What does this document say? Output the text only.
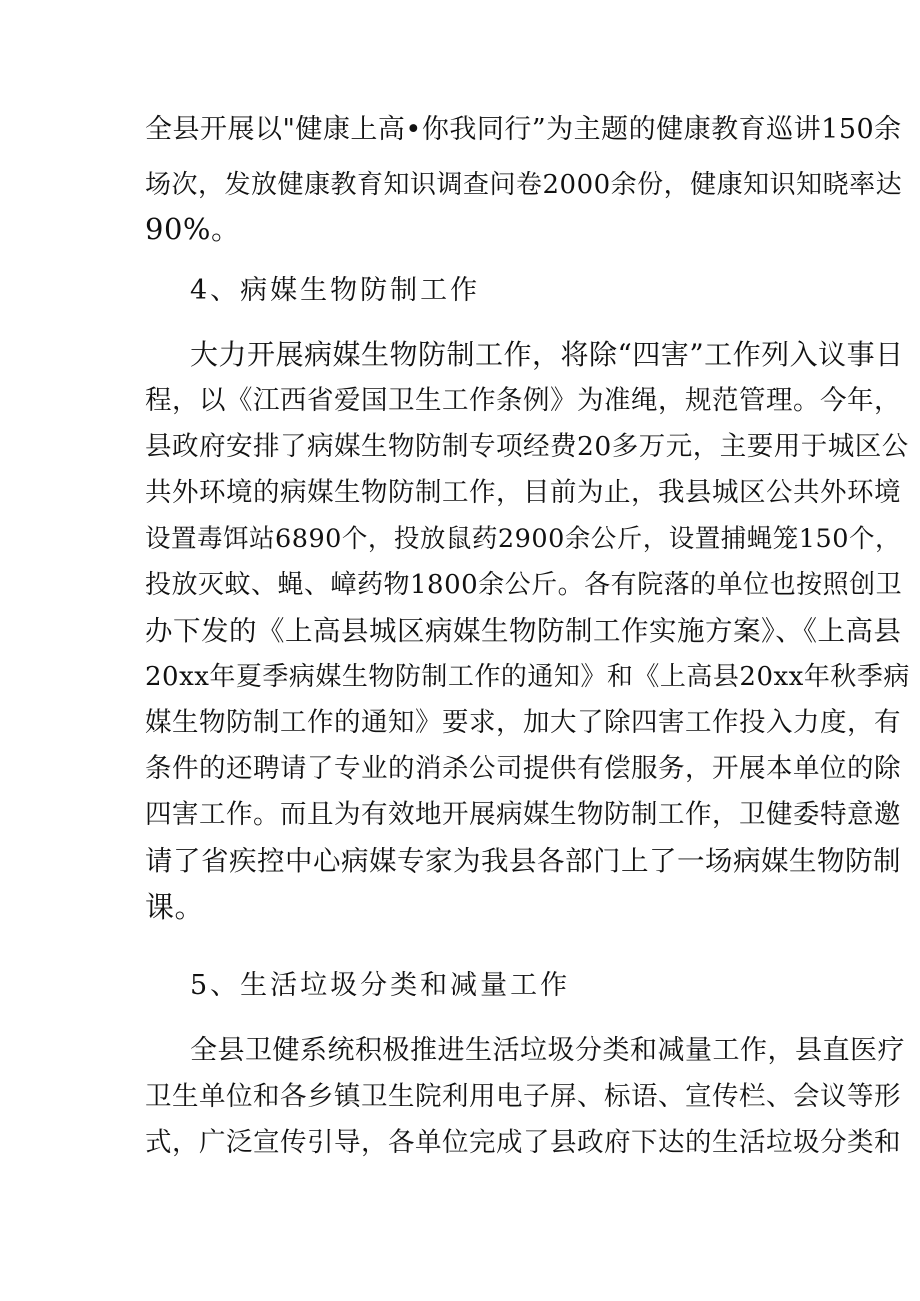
全县开展以"健康上高•你我同行”为主题的健康教育巡讲150余
场次，发放健康教育知识调查问卷2000余份，健康知识知晓率达
90%。
4、病媒生物防制工作
大力开展病媒生物防制工作，将除“四害”工作列入议事日
程，以《江西省爱国卫生工作条例》为准绳，规范管理。今年，
县政府安排了病媒生物防制专项经费20多万元，主要用于城区公
共外环境的病媒生物防制工作，目前为止，我县城区公共外环境
设置毒饵站6890个，投放鼠药2900余公斤，设置捕蝇笼150个，
投放灭蚊、蝇、嶂药物1800余公斤。各有院落的单位也按照创卫
办下发的《上高县城区病媒生物防制工作实施方案》、《上高县
20xx年夏季病媒生物防制工作的通知》和《上高县20xx年秋季病
媒生物防制工作的通知》要求，加大了除四害工作投入力度，有
条件的还聘请了专业的消杀公司提供有偿服务，开展本单位的除
四害工作。而且为有效地开展病媒生物防制工作，卫健委特意邀
请了省疾控中心病媒专家为我县各部门上了一场病媒生物防制
课。
5、生活垃圾分类和减量工作
全县卫健系统积极推进生活垃圾分类和减量工作，县直医疗
卫生单位和各乡镇卫生院利用电子屏、标语、宣传栏、会议等形
式，广泛宣传引导，各单位完成了县政府下达的生活垃圾分类和
